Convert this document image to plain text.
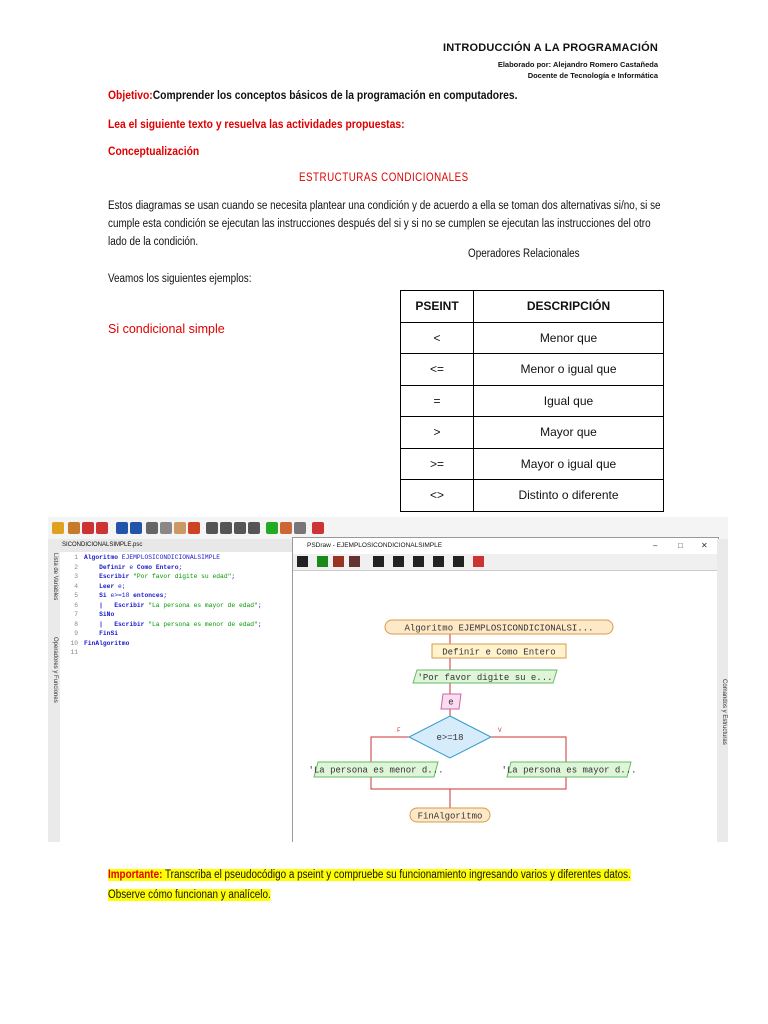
INTRODUCCIÓN A LA PROGRAMACIÓN
Elaborado por: Alejandro Romero Castañeda
Docente de Tecnología e Informática
Objetivo:Comprender los conceptos básicos de la programación en computadores.
Lea el siguiente texto y resuelva las actividades propuestas:
Conceptualización
ESTRUCTURAS CONDICIONALES
Estos diagramas se usan cuando se necesita plantear una condición y de acuerdo a ella se toman dos alternativas si/no, si se cumple esta condición se ejecutan las instrucciones después del si y si no se cumplen se ejecutan las instrucciones del otro lado de la condición.
Operadores Relacionales
Veamos los siguientes ejemplos:
Si condicional simple
PSEINT	DESCRIPCIÓN
<	Menor que
<=	Menor o igual que
=	Igual que
>	Mayor que
>=	Mayor o igual que
<>	Distinto o diferente
Lista de Variables
Operadores y Funciones
SICONDICIONALSIMPLE.psc
1 Algoritmo EJEMPLOSICONDICIONALSIMPLE
2    Definir e Como Entero;
3    Escribir "Por favor digite su edad";
4    Leer e;
5    Si e>=18 entonces;
6    |   Escribir "La persona es mayor de edad";
7    SiNo
8    |   Escribir "La persona es menor de edad";
9    FinSi
10 FinAlgoritmo
11
PSDraw - EJEMPLOSICONDICIONALSIMPLE	–	□ ✕
Algoritmo EJEMPLOSICONDICIONALSI...
Definir e Como Entero
'Por favor digite su e...
e
e>=18
F	V
'La persona es menor d...	'La persona es mayor d...
FinAlgoritmo
Comandos y Estructuras
Importante: Transcriba el pseudocódigo a pseint y compruebe su funcionamiento ingresando varios y diferentes datos. Observe cómo funcionan y analícelo.
